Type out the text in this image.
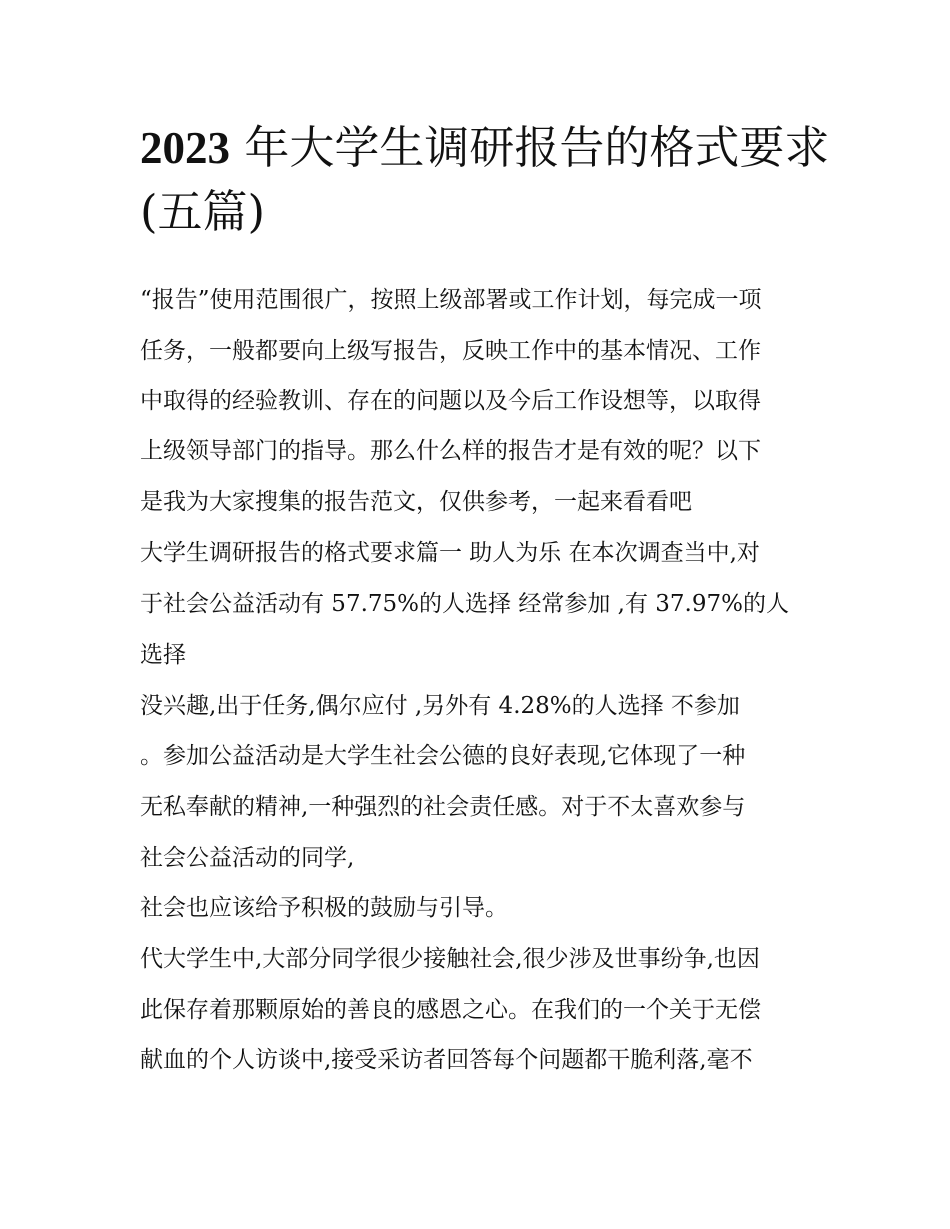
2023 年大学生调研报告的格式要求(五篇)
“报告”使用范围很广，按照上级部署或工作计划，每完成一项
任务，一般都要向上级写报告，反映工作中的基本情况、工作
中取得的经验教训、存在的问题以及今后工作设想等，以取得
上级领导部门的指导。那么什么样的报告才是有效的呢？以下
是我为大家搜集的报告范文，仅供参考，一起来看看吧
大学生调研报告的格式要求篇一 助人为乐 在本次调查当中,对
于社会公益活动有 57.75%的人选择 经常参加 ,有 37.97%的人
选择
没兴趣,出于任务,偶尔应付 ,另外有 4.28%的人选择 不参加
。参加公益活动是大学生社会公德的良好表现,它体现了一种
无私奉献的精神,一种强烈的社会责任感。对于不太喜欢参与
社会公益活动的同学,
社会也应该给予积极的鼓励与引导。
代大学生中,大部分同学很少接触社会,很少涉及世事纷争,也因
此保存着那颗原始的善良的感恩之心。在我们的一个关于无偿
献血的个人访谈中,接受采访者回答每个问题都干脆利落,毫不
